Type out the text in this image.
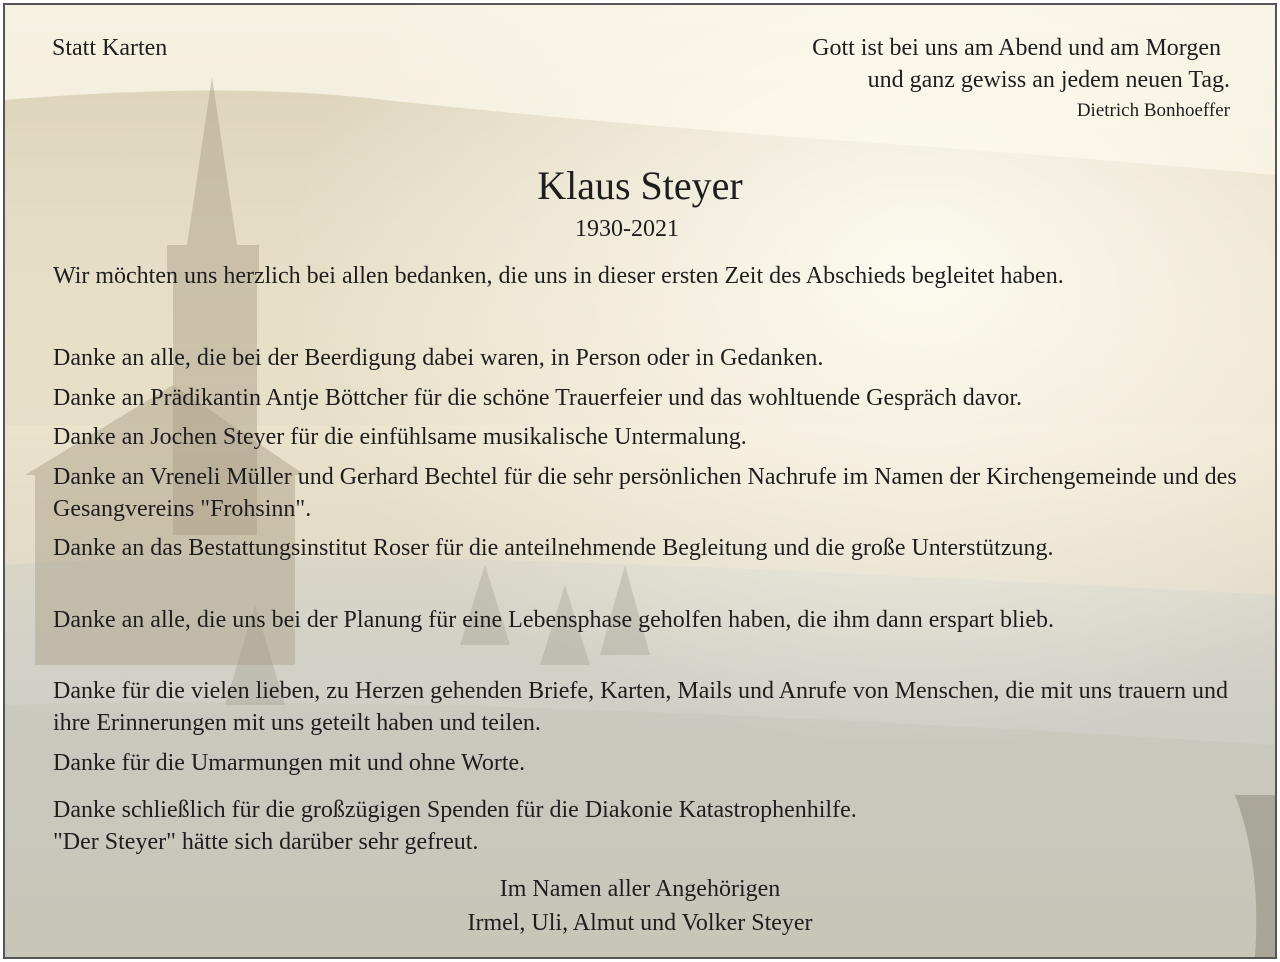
Statt Karten	Gott ist bei uns am Abend und am Morgen
und ganz gewiss an jedem neuen Tag.
Dietrich Bonhoeffer
Klaus Steyer
1930-2021

Wir möchten uns herzlich bei allen bedanken, die uns in dieser ersten Zeit des Abschieds begleitet haben.

Danke an alle, die bei der Beerdigung dabei waren, in Person oder in Gedanken.

Danke an Prädikantin Antje Böttcher für die schöne Trauerfeier und das wohltuende Gespräch davor.

Danke an Jochen Steyer für die einfühlsame musikalische Untermalung.

Danke an Vreneli Müller und Gerhard Bechtel für die sehr persönlichen Nachrufe im Namen der Kirchengemeinde und des Gesangvereins "Frohsinn".

Danke an das Bestattungsinstitut Roser für die anteilnehmende Begleitung und die große Unterstützung.

Danke an alle, die uns bei der Planung für eine Lebensphase geholfen haben, die ihm dann erspart blieb.

Danke für die vielen lieben, zu Herzen gehenden Briefe, Karten, Mails und Anrufe von Menschen, die mit uns trauern und ihre Erinnerungen mit uns geteilt haben und teilen.

Danke für die Umarmungen mit und ohne Worte.

Danke schließlich für die großzügigen Spenden für die Diakonie Katastrophenhilfe.

"Der Steyer" hätte sich darüber sehr gefreut.

Im Namen aller Angehörigen
Irmel, Uli, Almut und Volker Steyer
